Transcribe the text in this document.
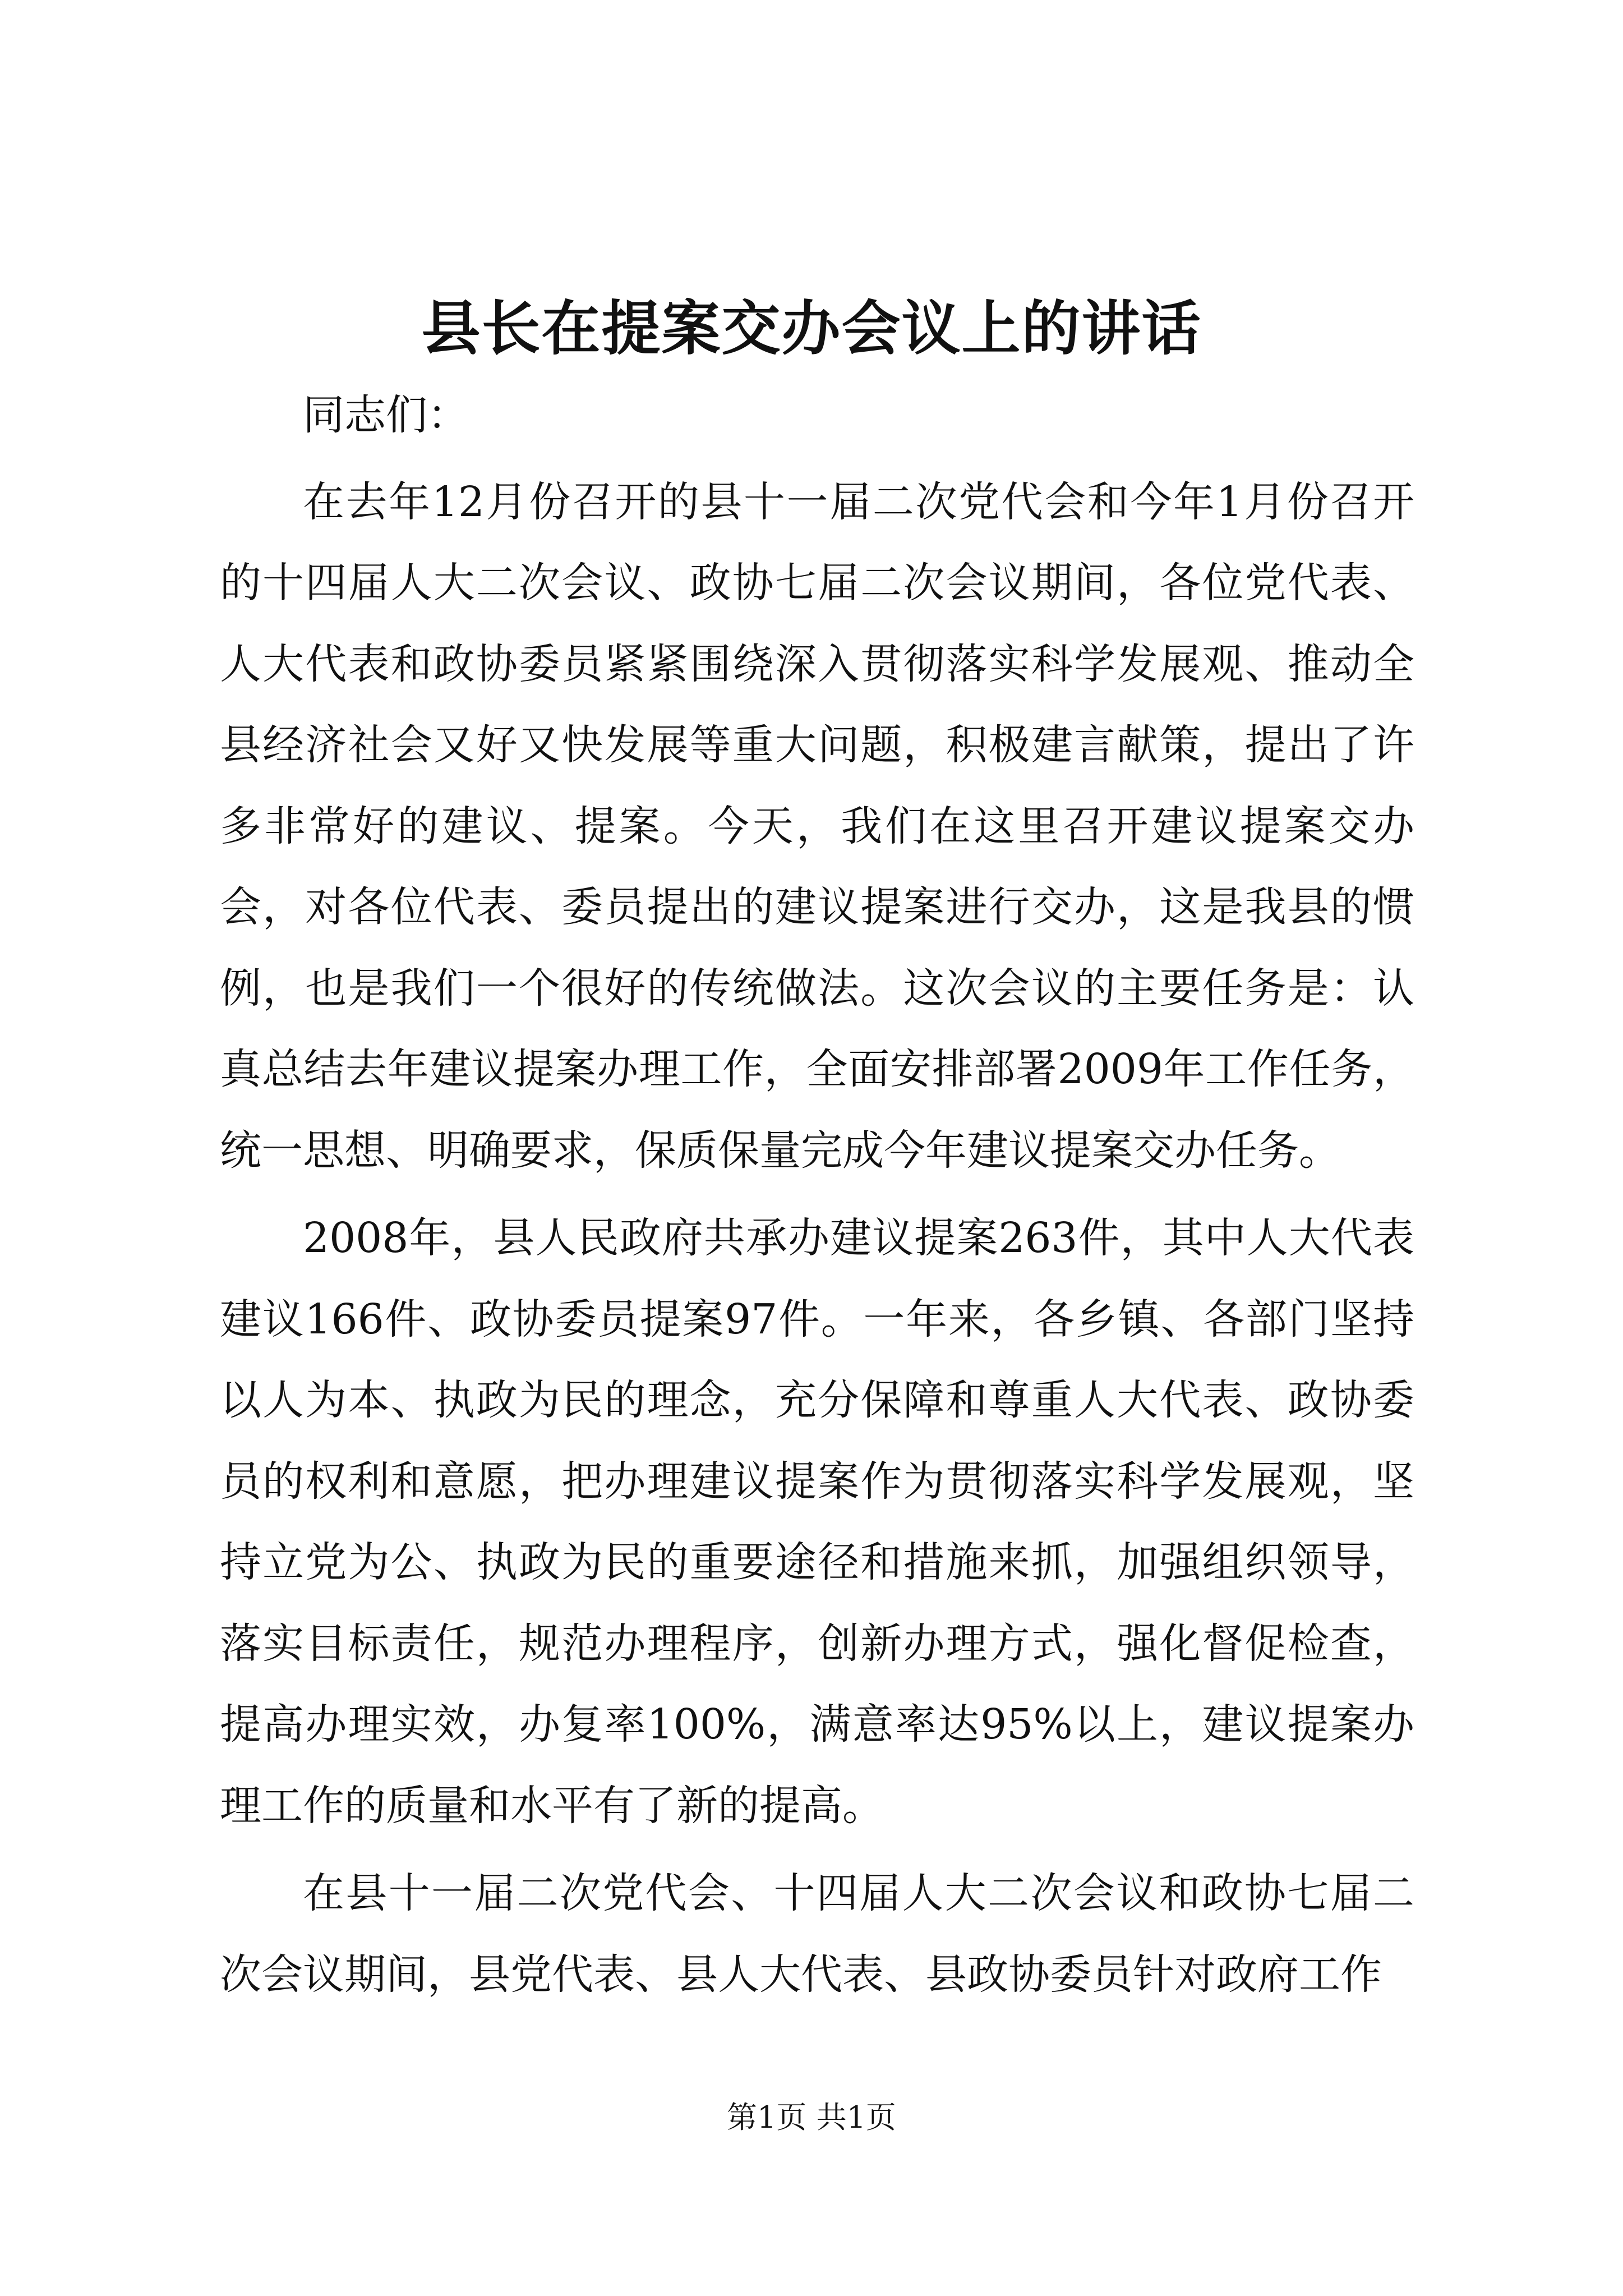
县长在提案交办会议上的讲话

同志们：

在去年12月份召开的县十一届二次党代会和今年1月份召开的十四届人大二次会议、政协七届二次会议期间，各位党代表、人大代表和政协委员紧紧围绕深入贯彻落实科学发展观、推动全县经济社会又好又快发展等重大问题，积极建言献策，提出了许多非常好的建议、提案。今天，我们在这里召开建议提案交办会，对各位代表、委员提出的建议提案进行交办，这是我县的惯例，也是我们一个很好的传统做法。这次会议的主要任务是：认真总结去年建议提案办理工作，全面安排部署2009年工作任务，统一思想、明确要求，保质保量完成今年建议提案交办任务。

2008年，县人民政府共承办建议提案263件，其中人大代表建议166件、政协委员提案97件。一年来，各乡镇、各部门坚持以人为本、执政为民的理念，充分保障和尊重人大代表、政协委员的权利和意愿，把办理建议提案作为贯彻落实科学发展观，坚持立党为公、执政为民的重要途径和措施来抓，加强组织领导，落实目标责任，规范办理程序，创新办理方式，强化督促检查，提高办理实效，办复率100%，满意率达95%以上，建议提案办理工作的质量和水平有了新的提高。

在县十一届二次党代会、十四届人大二次会议和政协七届二次会议期间，县党代表、县人大代表、县政协委员针对政府工作

第1页 共1页
